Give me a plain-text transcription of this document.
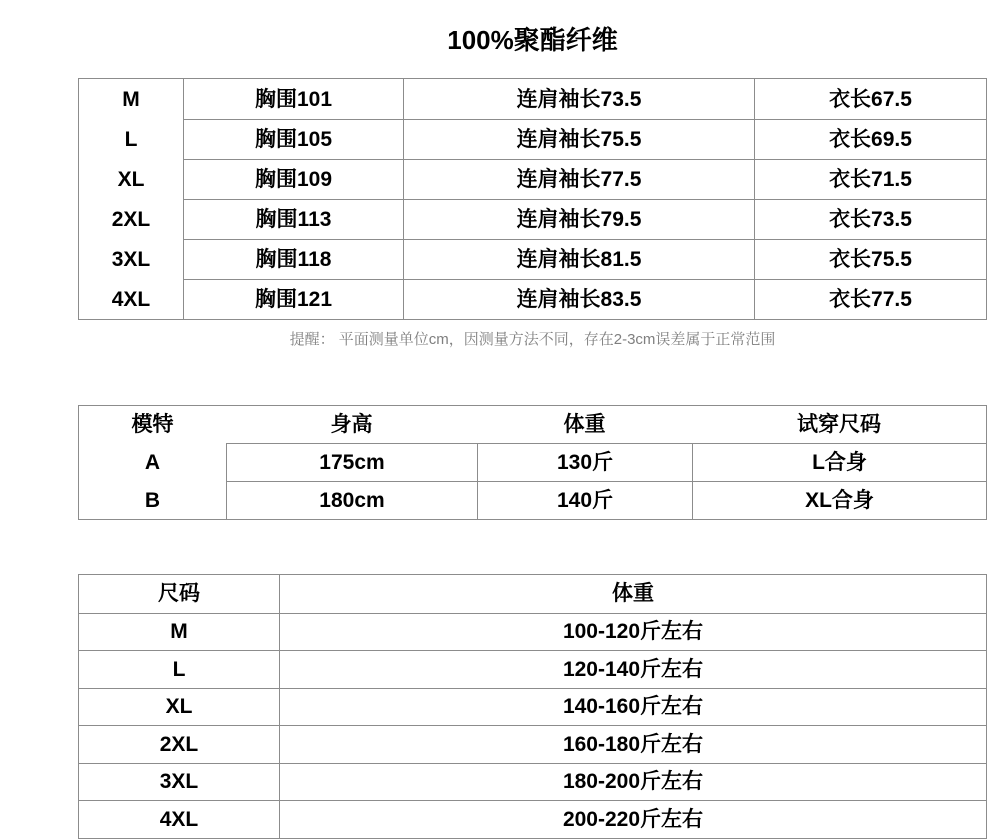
100%聚酯纤维
M	胸围101	连肩袖长73.5	衣长67.5
L	胸围105	连肩袖长75.5	衣长69.5
XL	胸围109	连肩袖长77.5	衣长71.5
2XL	胸围113	连肩袖长79.5	衣长73.5
3XL	胸围118	连肩袖长81.5	衣长75.5
4XL	胸围121	连肩袖长83.5	衣长77.5
提醒： 平面测量单位cm，因测量方法不同，存在2-3cm误差属于正常范围
模特	身高	体重	试穿尺码
A	175cm	130斤	L合身
B	180cm	140斤	XL合身
尺码	体重
M	100-120斤左右
L	120-140斤左右
XL	140-160斤左右
2XL	160-180斤左右
3XL	180-200斤左右
4XL	200-220斤左右
